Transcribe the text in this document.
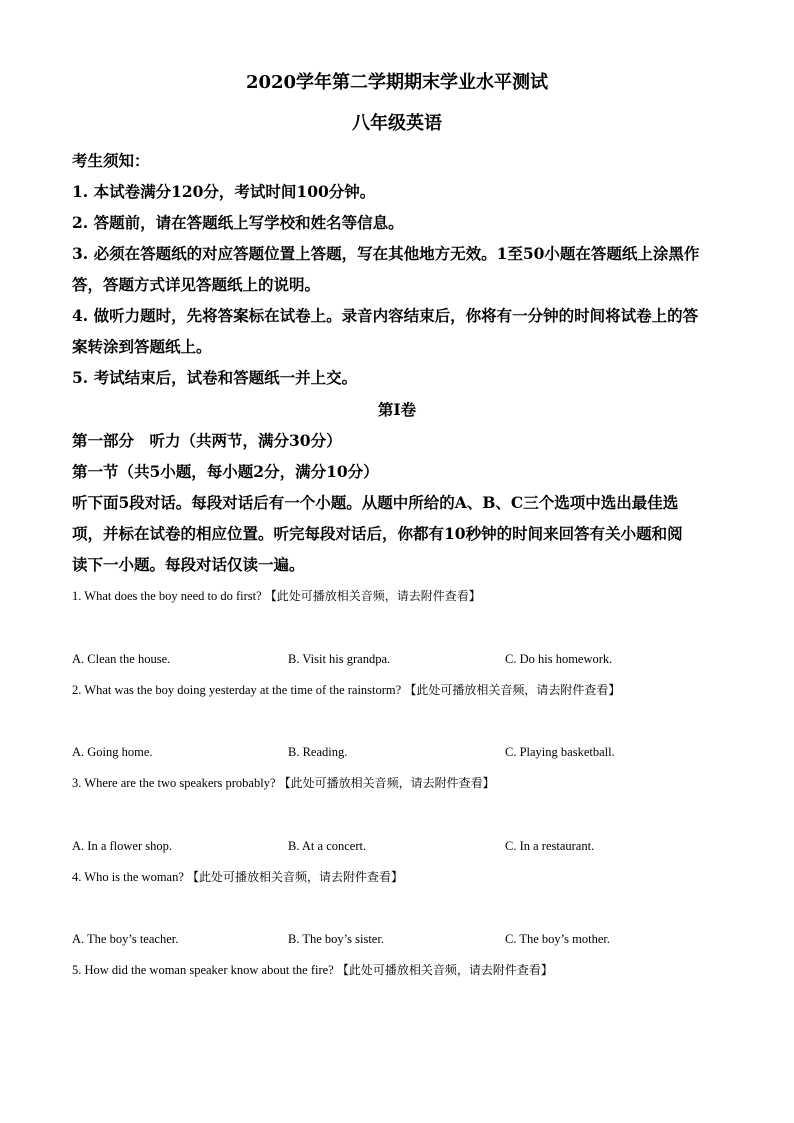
2020学年第二学期期末学业水平测试
八年级英语
考生须知：
1. 本试卷满分120分，考试时间100分钟。
2. 答题前，请在答题纸上写学校和姓名等信息。
3. 必须在答题纸的对应答题位置上答题，写在其他地方无效。1至50小题在答题纸上涂黑作
答，答题方式详见答题纸上的说明。
4. 做听力题时，先将答案标在试卷上。录音内容结束后，你将有一分钟的时间将试卷上的答
案转涂到答题纸上。
5. 考试结束后，试卷和答题纸一并上交。
第I卷
第一部分　听力（共两节，满分30分）
第一节（共5小题，每小题2分，满分10分）
听下面5段对话。每段对话后有一个小题。从题中所给的A、B、C三个选项中选出最佳选
项，并标在试卷的相应位置。听完每段对话后，你都有10秒钟的时间来回答有关小题和阅
读下一小题。每段对话仅读一遍。
1. What does the boy need to do first? 【此处可播放相关音频，请去附件查看】
A. Clean the house.	B. Visit his grandpa.	C. Do his homework.
2. What was the boy doing yesterday at the time of the rainstorm? 【此处可播放相关音频，请去附件查看】
A. Going home.	B. Reading.	C. Playing basketball.
3. Where are the two speakers probably? 【此处可播放相关音频，请去附件查看】
A. In a flower shop.	B. At a concert.	C. In a restaurant.
4. Who is the woman? 【此处可播放相关音频，请去附件查看】
A. The boy’s teacher.	B. The boy’s sister.	C. The boy’s mother.
5. How did the woman speaker know about the fire? 【此处可播放相关音频，请去附件查看】
